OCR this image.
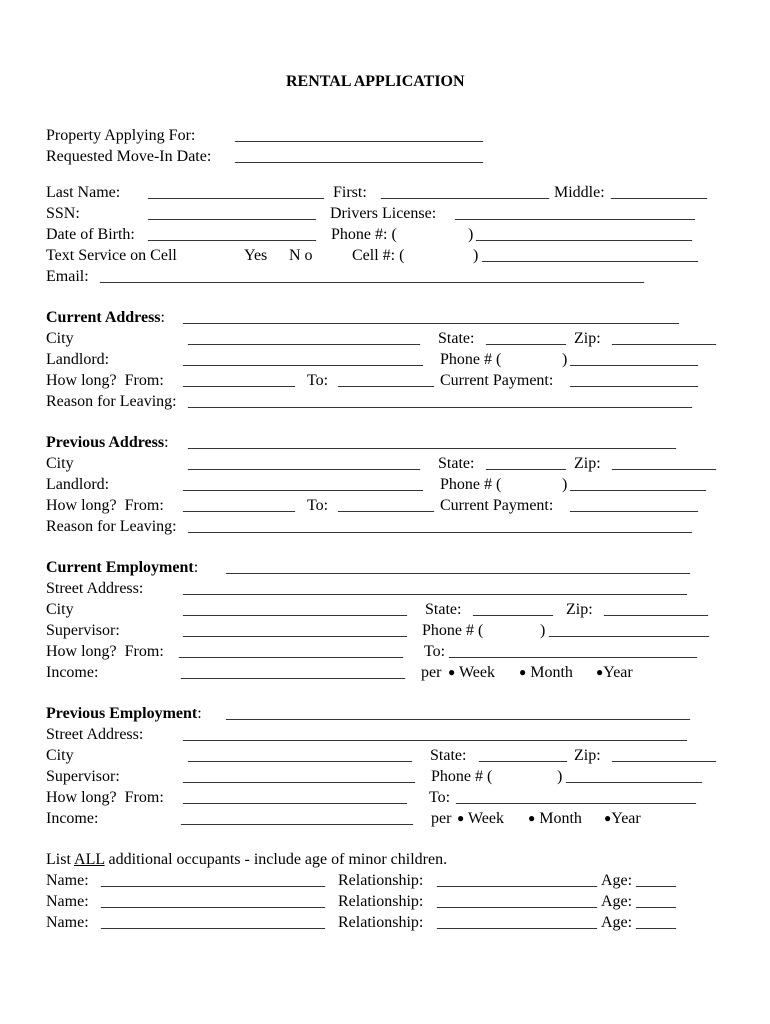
RENTAL APPLICATION
Property Applying For: _______________________________
Requested Move-In Date: _______________________________
Last Name: ______________________ First: _____________________ Middle: ____________
SSN:	_____________________ Drivers License: ______________________________
Date of Birth: _____________________ Phone #: (	) ___________________________
Text Service on Cell	Yes N o Cell #: (	) ___________________________
Email: ____________________________________________________________________
Current Address: ______________________________________________________________
City	_____________________________ State: __________ Zip: _____________
Landlord:	______________________________ Phone # (	) ________________
How long?  From: ______________ To: ____________ Current Payment: ________________
Reason for Leaving: _______________________________________________________________
Previous Address: _____________________________________________________________
City	_____________________________ State: __________ Zip: _____________
Landlord:	______________________________ Phone # (	) _________________
How long?  From: ______________ To: ____________ Current Payment: ________________
Reason for Leaving: _______________________________________________________________
Current Employment: __________________________________________________________
Street Address: _______________________________________________________________
City	____________________________ State: __________ Zip: _____________
Supervisor:	____________________________ Phone # (	) ____________________
How long?  From: ____________________________ To: _______________________________
Income:	____________________________ per ● Week ● Month ●Year
Previous Employment: __________________________________________________________
Street Address: _______________________________________________________________
City	____________________________ State: ___________ Zip: _____________
Supervisor:	_____________________________ Phone # (	) _________________
How long?  From: ____________________________ To: ______________________________
Income:	_____________________________ per ● Week ● Month ●Year
List ALL additional occupants - include age of minor children.
Name: ____________________________ Relationship: ____________________ Age: _____
Name: ____________________________ Relationship: ____________________ Age: _____
Name: ____________________________ Relationship: ____________________ Age: _____
